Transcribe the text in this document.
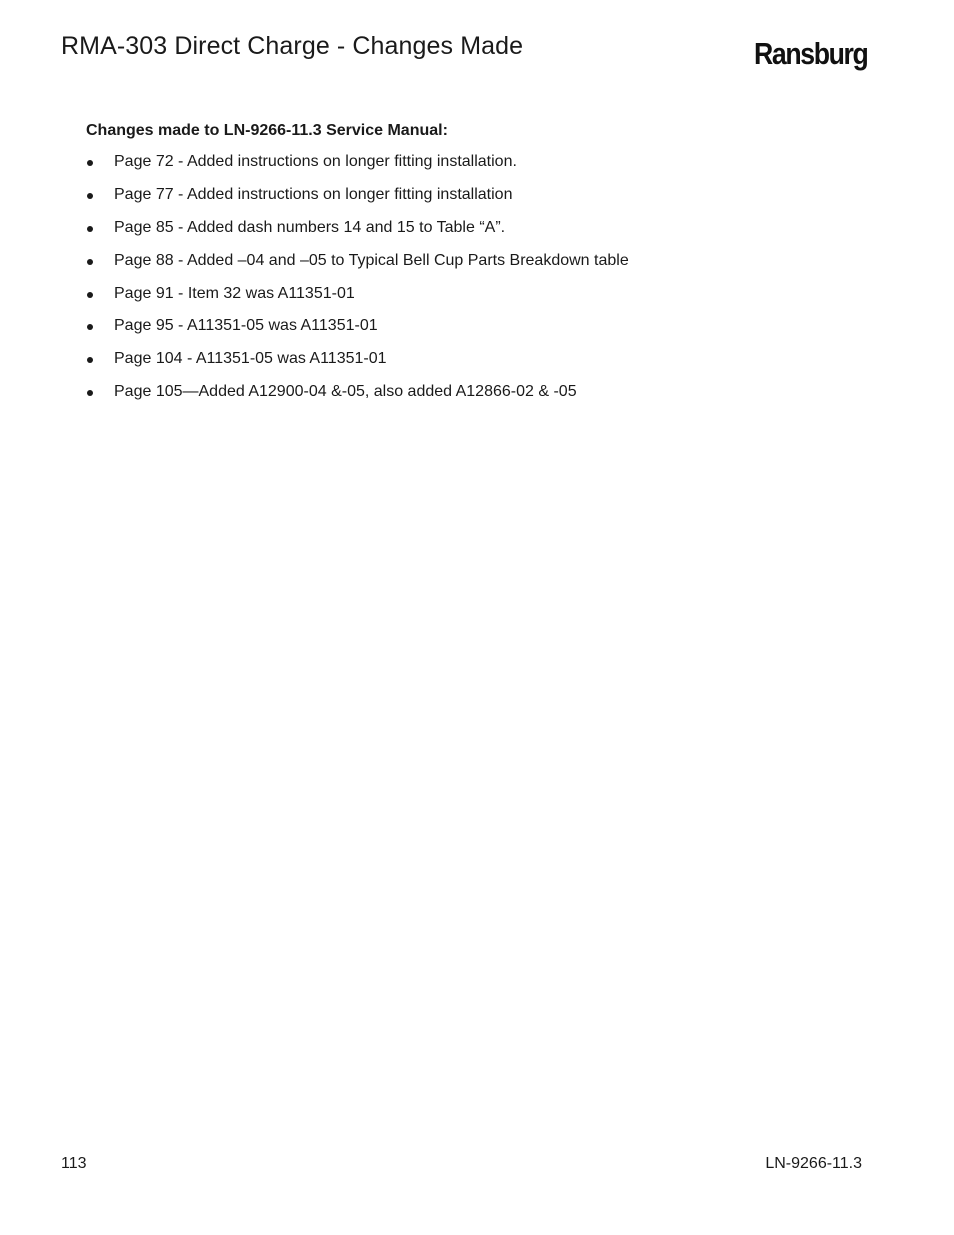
RMA-303 Direct Charge - Changes Made	Ransburg
Changes made to LN-9266-11.3 Service Manual:
Page 72 - Added instructions on longer fitting installation.
Page 77 - Added instructions on longer fitting installation
Page 85 - Added dash numbers 14 and 15 to Table “A”.
Page 88 - Added –04 and –05 to Typical Bell Cup Parts Breakdown table
Page 91 - Item 32 was A11351-01
Page 95 - A11351-05 was A11351-01
Page 104 - A11351-05 was A11351-01
Page 105—Added A12900-04 &-05, also added A12866-02 & -05
113	LN-9266-11.3
